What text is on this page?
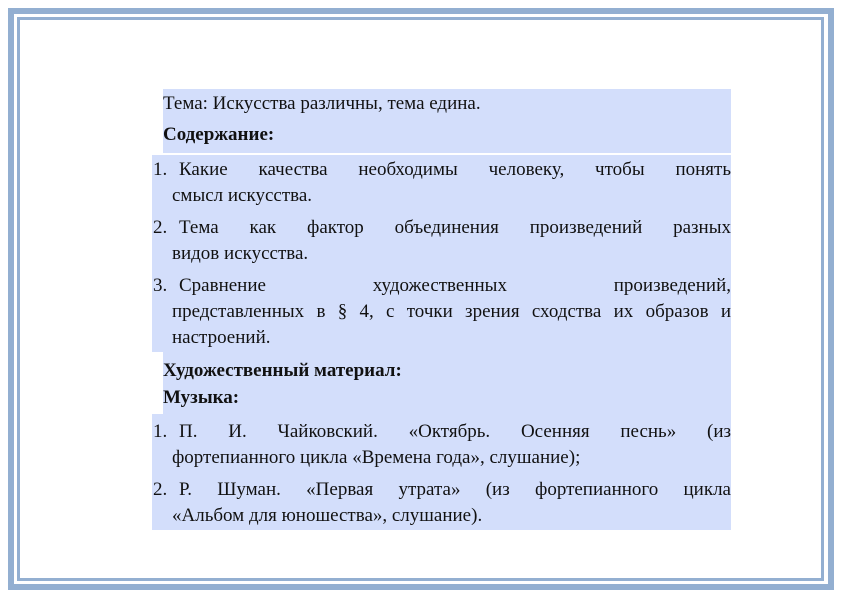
Тема: Искусства различны, тема едина.
Содержание:
1. Какие качества необходимы человеку, чтобы понять
смысл искусства.
2. Тема как фактор объединения произведений разных
видов искусства.
3. Сравнение художественных произведений,
представленных в § 4, с точки зрения сходства их образов и
настроений.
Художественный материал:
Музыка:
1. П. И. Чайковский. «Октябрь. Осенняя песнь» (из
фортепианного цикла «Времена года», слушание);
2. Р. Шуман. «Первая утрата» (из фортепианного цикла
«Альбом для юношества», слушание).
